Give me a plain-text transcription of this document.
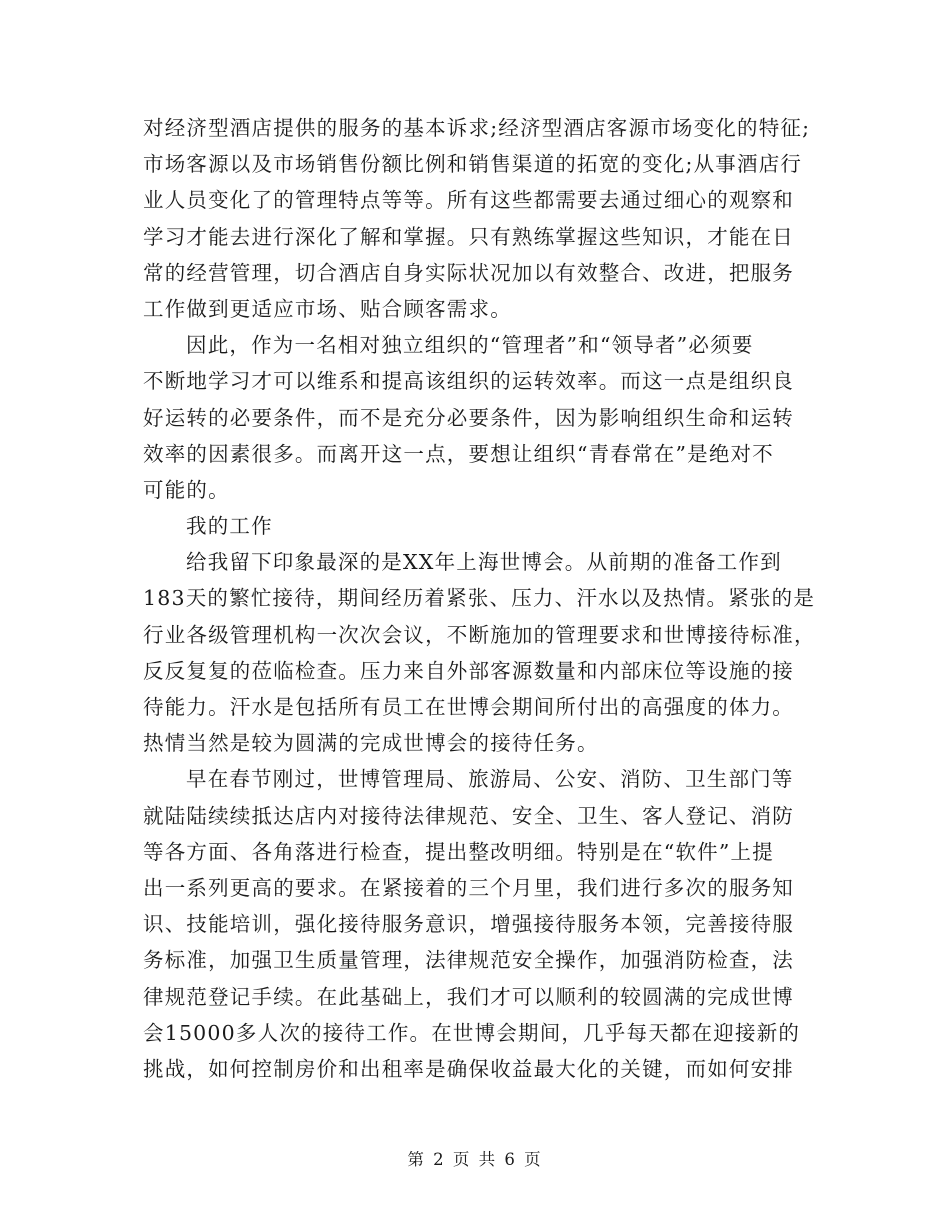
对经济型酒店提供的服务的基本诉求;经济型酒店客源市场变化的特征;
市场客源以及市场销售份额比例和销售渠道的拓宽的变化;从事酒店行
业人员变化了的管理特点等等。所有这些都需要去通过细心的观察和
学习才能去进行深化了解和掌握。只有熟练掌握这些知识，才能在日
常的经营管理，切合酒店自身实际状况加以有效整合、改进，把服务
工作做到更适应市场、贴合顾客需求。
因此，作为一名相对独立组织的“管理者”和“领导者”必须要
不断地学习才可以维系和提高该组织的运转效率。而这一点是组织良
好运转的必要条件，而不是充分必要条件，因为影响组织生命和运转
效率的因素很多。而离开这一点，要想让组织“青春常在”是绝对不
可能的。
我的工作
给我留下印象最深的是XX年上海世博会。从前期的准备工作到
183天的繁忙接待，期间经历着紧张、压力、汗水以及热情。紧张的是
行业各级管理机构一次次会议，不断施加的管理要求和世博接待标准，
反反复复的莅临检查。压力来自外部客源数量和内部床位等设施的接
待能力。汗水是包括所有员工在世博会期间所付出的高强度的体力。
热情当然是较为圆满的完成世博会的接待任务。
早在春节刚过，世博管理局、旅游局、公安、消防、卫生部门等
就陆陆续续抵达店内对接待法律规范、安全、卫生、客人登记、消防
等各方面、各角落进行检查，提出整改明细。特别是在“软件”上提
出一系列更高的要求。在紧接着的三个月里，我们进行多次的服务知
识、技能培训，强化接待服务意识，增强接待服务本领，完善接待服
务标准，加强卫生质量管理，法律规范安全操作，加强消防检查，法
律规范登记手续。在此基础上，我们才可以顺利的较圆满的完成世博
会15000多人次的接待工作。在世博会期间，几乎每天都在迎接新的
挑战，如何控制房价和出租率是确保收益最大化的关键，而如何安排
第 2 页 共 6 页
